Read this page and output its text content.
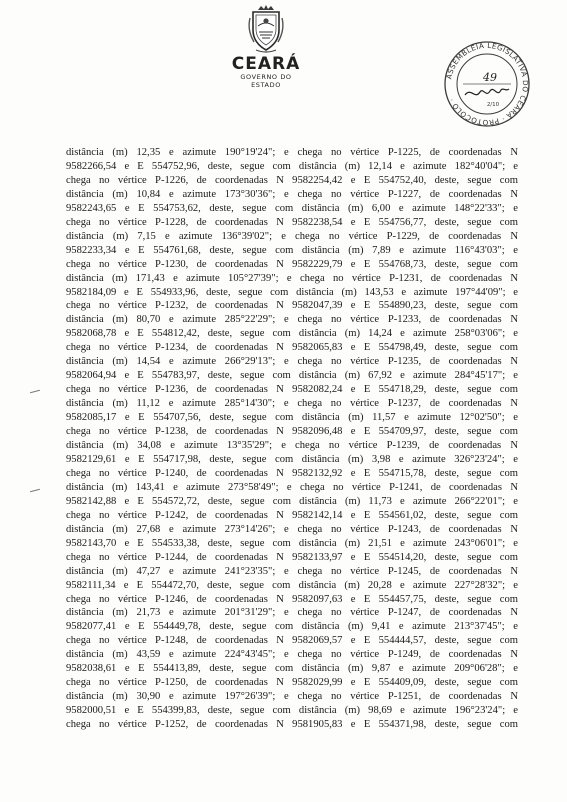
CEARÁ
GOVERNO DO ESTADO
ASSEMBLÉIA LEGISLATIVA DO CEARÁ · PROTOCOLO ·
49
2/10
distância (m) 12,35 e azimute 190°19'24"; e chega no vértice P-1225, de coordenadas N
9582266,54 e E 554752,96, deste, segue com distância (m) 12,14 e azimute 182°40'04"; e
chega no vértice P-1226, de coordenadas N 9582254,42 e E 554752,40, deste, segue com
distância (m) 10,84 e azimute 173°30'36"; e chega no vértice P-1227, de coordenadas N
9582243,65 e E 554753,62, deste, segue com distância (m) 6,00 e azimute 148°22'33"; e
chega no vértice P-1228, de coordenadas N 9582238,54 e E 554756,77, deste, segue com
distância (m) 7,15 e azimute 136°39'02"; e chega no vértice P-1229, de coordenadas N
9582233,34 e E 554761,68, deste, segue com distância (m) 7,89 e azimute 116°43'03"; e
chega no vértice P-1230, de coordenadas N 9582229,79 e E 554768,73, deste, segue com
distância (m) 171,43 e azimute 105°27'39"; e chega no vértice P-1231, de coordenadas N
9582184,09 e E 554933,96, deste, segue com distância (m) 143,53 e azimute 197°44'09"; e
chega no vértice P-1232, de coordenadas N 9582047,39 e E 554890,23, deste, segue com
distância (m) 80,70 e azimute 285°22'29"; e chega no vértice P-1233, de coordenadas N
9582068,78 e E 554812,42, deste, segue com distância (m) 14,24 e azimute 258°03'06"; e
chega no vértice P-1234, de coordenadas N 9582065,83 e E 554798,49, deste, segue com
distância (m) 14,54 e azimute 266°29'13"; e chega no vértice P-1235, de coordenadas N
9582064,94 e E 554783,97, deste, segue com distância (m) 67,92 e azimute 284°45'17"; e
chega no vértice P-1236, de coordenadas N 9582082,24 e E 554718,29, deste, segue com
distância (m) 11,12 e azimute 285°14'30"; e chega no vértice P-1237, de coordenadas N
9582085,17 e E 554707,56, deste, segue com distância (m) 11,57 e azimute 12°02'50"; e
chega no vértice P-1238, de coordenadas N 9582096,48 e E 554709,97, deste, segue com
distância (m) 34,08 e azimute 13°35'29"; e chega no vértice P-1239, de coordenadas N
9582129,61 e E 554717,98, deste, segue com distância (m) 3,98 e azimute 326°23'24"; e
chega no vértice P-1240, de coordenadas N 9582132,92 e E 554715,78, deste, segue com
distância (m) 143,41 e azimute 273°58'49"; e chega no vértice P-1241, de coordenadas N
9582142,88 e E 554572,72, deste, segue com distância (m) 11,73 e azimute 266°22'01"; e
chega no vértice P-1242, de coordenadas N 9582142,14 e E 554561,02, deste, segue com
distância (m) 27,68 e azimute 273°14'26"; e chega no vértice P-1243, de coordenadas N
9582143,70 e E 554533,38, deste, segue com distância (m) 21,51 e azimute 243°06'01"; e
chega no vértice P-1244, de coordenadas N 9582133,97 e E 554514,20, deste, segue com
distância (m) 47,27 e azimute 241°23'35"; e chega no vértice P-1245, de coordenadas N
9582111,34 e E 554472,70, deste, segue com distância (m) 20,28 e azimute 227°28'32"; e
chega no vértice P-1246, de coordenadas N 9582097,63 e E 554457,75, deste, segue com
distância (m) 21,73 e azimute 201°31'29"; e chega no vértice P-1247, de coordenadas N
9582077,41 e E 554449,78, deste, segue com distância (m) 9,41 e azimute 213°37'45"; e
chega no vértice P-1248, de coordenadas N 9582069,57 e E 554444,57, deste, segue com
distância (m) 43,59 e azimute 224°43'45"; e chega no vértice P-1249, de coordenadas N
9582038,61 e E 554413,89, deste, segue com distância (m) 9,87 e azimute 209°06'28"; e
chega no vértice P-1250, de coordenadas N 9582029,99 e E 554409,09, deste, segue com
distância (m) 30,90 e azimute 197°26'39"; e chega no vértice P-1251, de coordenadas N
9582000,51 e E 554399,83, deste, segue com distância (m) 98,69 e azimute 196°23'24"; e
chega no vértice P-1252, de coordenadas N 9581905,83 e E 554371,98, deste, segue com
